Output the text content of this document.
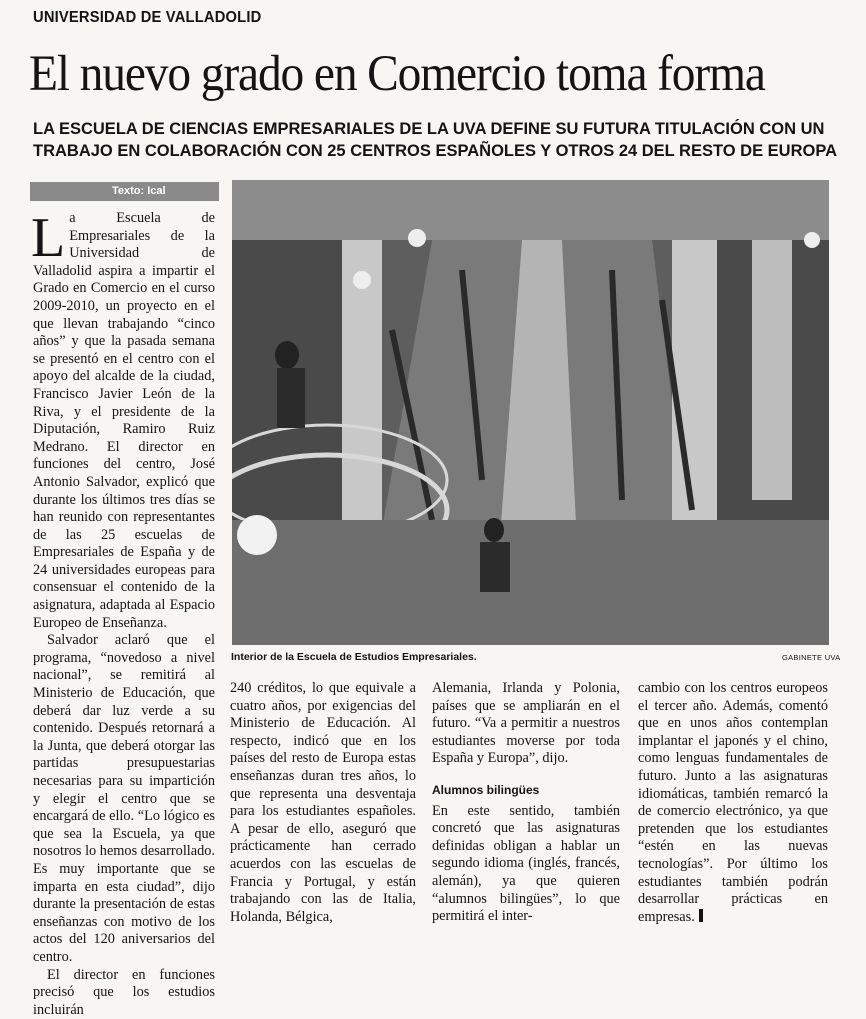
UNIVERSIDAD DE VALLADOLID
El nuevo grado en Comercio toma forma
LA ESCUELA DE CIENCIAS EMPRESARIALES DE LA UVA DEFINE SU FUTURA TITULACIÓN CON UN
TRABAJO EN COLABORACIÓN CON 25 CENTROS ESPAÑOLES Y OTROS 24 DEL RESTO DE EUROPA
Texto: Ical

La Escuela de Empresariales de la Universidad de Valladolid aspira a impartir el Grado en Comercio en el curso 2009-2010, un proyecto en el que llevan trabajando “cinco años” y que la pasada semana se presentó en el centro con el apoyo del alcalde de la ciudad, Francisco Javier León de la Riva, y el presidente de la Diputación, Ramiro Ruiz Medrano. El director en funciones del centro, José Antonio Salvador, explicó que durante los últimos tres días se han reunido con representantes de las 25 escuelas de Empresariales de España y de 24 universidades europeas para consensuar el contenido de la asignatura, adaptada al Espacio Europeo de Enseñanza.

Salvador aclaró que el programa, “novedoso a nivel nacional”, se remitirá al Ministerio de Educación, que deberá dar luz verde a su contenido. Después retornará a la Junta, que deberá otorgar las partidas presupuestarias necesarias para su impartición y elegir el centro que se encargará de ello. “Lo lógico es que sea la Escuela, ya que nosotros lo hemos desarrollado. Es muy importante que se imparta en esta ciudad”, dijo durante la presentación de estas enseñanzas con motivo de los actos del 120 aniversarios del centro.

El director en funciones precisó que los estudios incluirán

Interior de la Escuela de Estudios Empresariales.	GABINETE UVA

240 créditos, lo que equivale a cuatro años, por exigencias del Ministerio de Educación. Al respecto, indicó que en los países del resto de Europa estas enseñanzas duran tres años, lo que representa una desventaja para los estudiantes españoles. A pesar de ello, aseguró que prácticamente han cerrado acuerdos con las escuelas de Francia y Portugal, y están trabajando con las de Italia, Holanda, Bélgica,

Alemania, Irlanda y Polonia, países que se ampliarán en el futuro. “Va a permitir a nuestros estudiantes moverse por toda España y Europa”, dijo.

Alumnos bilingües

En este sentido, también concretó que las asignaturas definidas obligan a hablar un segundo idioma (inglés, francés, alemán), ya que quieren “alumnos bilingües”, lo que permitirá el inter-

cambio con los centros europeos el tercer año. Además, comentó que en unos años contemplan implantar el japonés y el chino, como lenguas fundamentales de futuro. Junto a las asignaturas idiomáticas, también remarcó la de comercio electrónico, ya que pretenden que los estudiantes “estén en las nuevas tecnologías”. Por último los estudiantes también podrán desarrollar prácticas en empresas.
